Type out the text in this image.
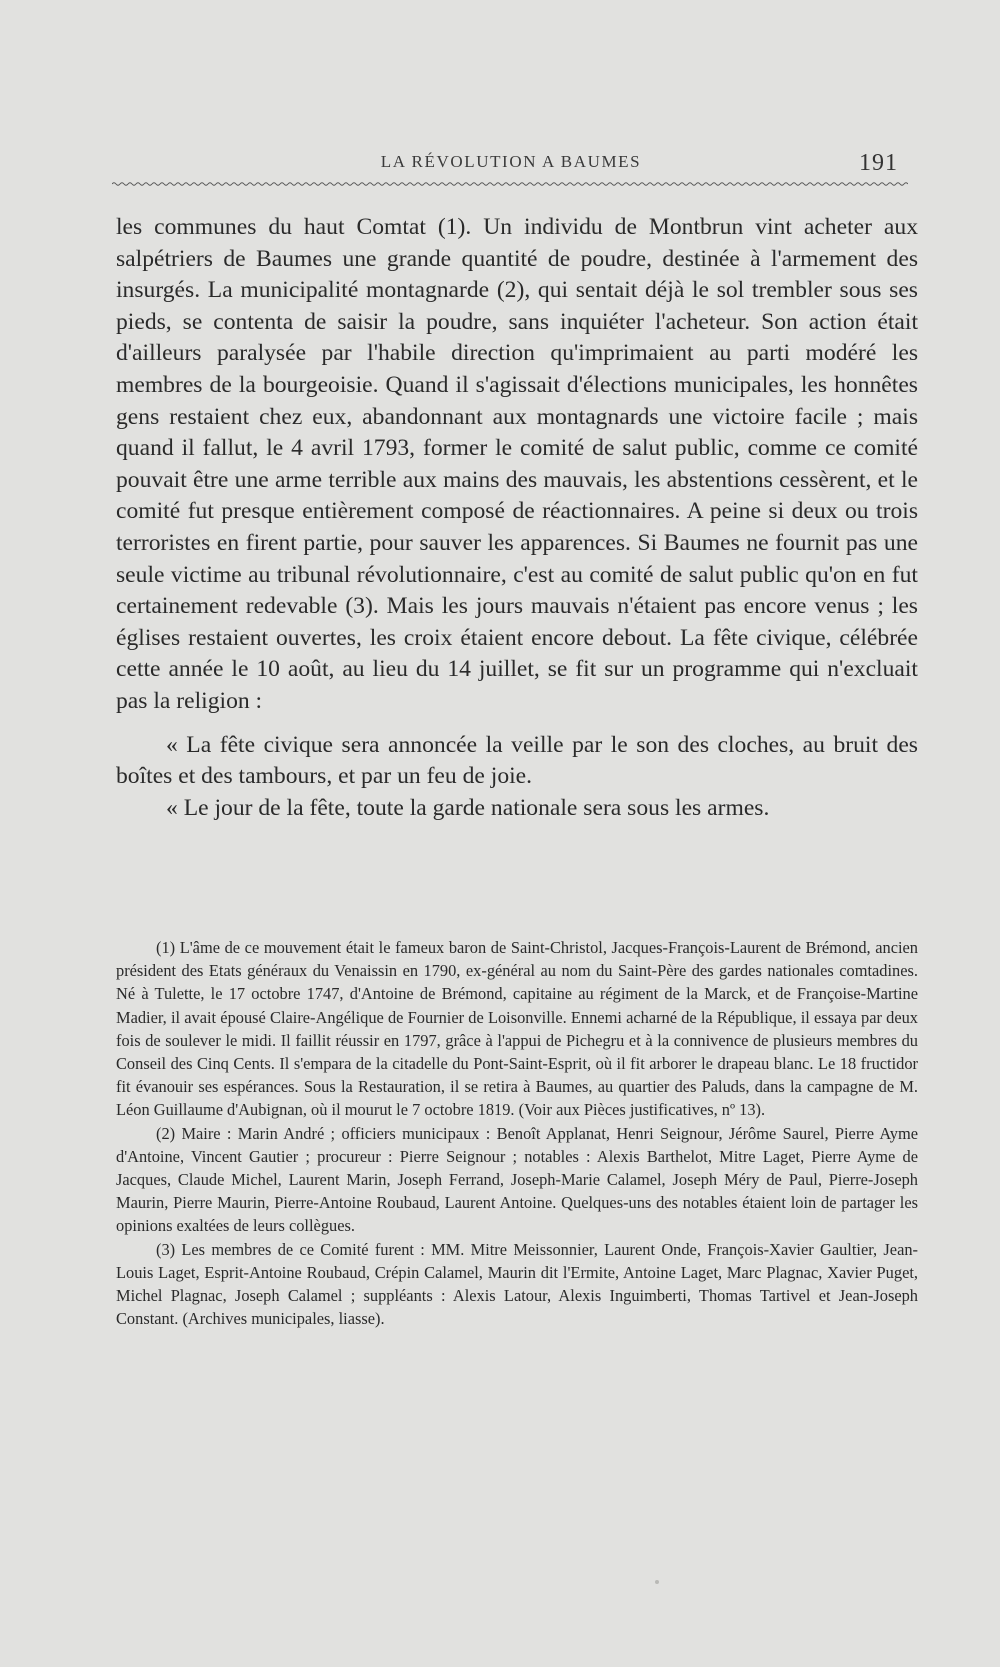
LA RÉVOLUTION A BAUMES	191

les communes du haut Comtat (1). Un individu de Montbrun vint acheter aux salpétriers de Baumes une grande quantité de poudre, destinée à l'armement des insurgés. La municipalité montagnarde (2), qui sentait déjà le sol trembler sous ses pieds, se contenta de saisir la poudre, sans inquiéter l'acheteur. Son action était d'ailleurs paralysée par l'habile direction qu'imprimaient au parti modéré les membres de la bourgeoisie. Quand il s'agissait d'élections municipales, les honnêtes gens restaient chez eux, abandonnant aux montagnards une victoire facile ; mais quand il fallut, le 4 avril 1793, former le comité de salut public, comme ce comité pouvait être une arme terrible aux mains des mauvais, les abstentions cessèrent, et le comité fut presque entièrement composé de réactionnaires. A peine si deux ou trois terroristes en firent partie, pour sauver les apparences. Si Baumes ne fournit pas une seule victime au tribunal révolutionnaire, c'est au comité de salut public qu'on en fut certainement redevable (3). Mais les jours mauvais n'étaient pas encore venus ; les églises restaient ouvertes, les croix étaient encore debout. La fête civique, célébrée cette année le 10 août, au lieu du 14 juillet, se fit sur un programme qui n'excluait pas la religion :

« La fête civique sera annoncée la veille par le son des cloches, au bruit des boîtes et des tambours, et par un feu de joie.

« Le jour de la fête, toute la garde nationale sera sous les armes.

(1) L'âme de ce mouvement était le fameux baron de Saint-Christol, Jacques-François-Laurent de Brémond, ancien président des Etats généraux du Venaissin en 1790, ex-général au nom du Saint-Père des gardes nationales comtadines. Né à Tulette, le 17 octobre 1747, d'Antoine de Brémond, capitaine au régiment de la Marck, et de Françoise-Martine Madier, il avait épousé Claire-Angélique de Fournier de Loisonville. Ennemi acharné de la République, il essaya par deux fois de soulever le midi. Il faillit réussir en 1797, grâce à l'appui de Pichegru et à la connivence de plusieurs membres du Conseil des Cinq Cents. Il s'empara de la citadelle du Pont-Saint-Esprit, où il fit arborer le drapeau blanc. Le 18 fructidor fit évanouir ses espérances. Sous la Restauration, il se retira à Baumes, au quartier des Paluds, dans la campagne de M. Léon Guillaume d'Aubignan, où il mourut le 7 octobre 1819. (Voir aux Pièces justificatives, nº 13).

(2) Maire : Marin André ; officiers municipaux : Benoît Applanat, Henri Seignour, Jérôme Saurel, Pierre Ayme d'Antoine, Vincent Gautier ; procureur : Pierre Seignour ; notables : Alexis Barthelot, Mitre Laget, Pierre Ayme de Jacques, Claude Michel, Laurent Marin, Joseph Ferrand, Joseph-Marie Calamel, Joseph Méry de Paul, Pierre-Joseph Maurin, Pierre Maurin, Pierre-Antoine Roubaud, Laurent Antoine. Quelques-uns des notables étaient loin de partager les opinions exaltées de leurs collègues.

(3) Les membres de ce Comité furent : MM. Mitre Meissonnier, Laurent Onde, François-Xavier Gaultier, Jean-Louis Laget, Esprit-Antoine Roubaud, Crépin Calamel, Maurin dit l'Ermite, Antoine Laget, Marc Plagnac, Xavier Puget, Michel Plagnac, Joseph Calamel ; suppléants : Alexis Latour, Alexis Inguimberti, Thomas Tartivel et Jean-Joseph Constant. (Archives municipales, liasse).
